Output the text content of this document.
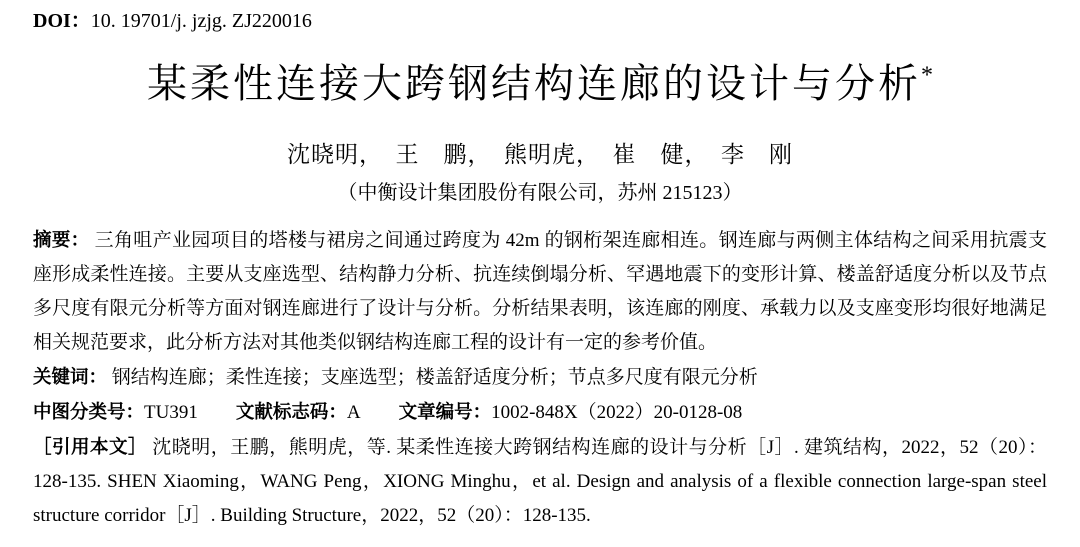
DOI：10. 19701/j. jzjg. ZJ220016
某柔性连接大跨钢结构连廊的设计与分析*
沈晓明，　王　鹏，　熊明虎，　崔　健，　李　刚
（中衡设计集团股份有限公司，苏州 215123）

摘要： 三角咀产业园项目的塔楼与裙房之间通过跨度为 42m 的钢桁架连廊相连。钢连廊与两侧主体结构之间采用抗震支座形成柔性连接。主要从支座选型、结构静力分析、抗连续倒塌分析、罕遇地震下的变形计算、楼盖舒适度分析以及节点多尺度有限元分析等方面对钢连廊进行了设计与分析。分析结果表明，该连廊的刚度、承载力以及支座变形均很好地满足相关规范要求，此分析方法对其他类似钢结构连廊工程的设计有一定的参考价值。

关键词： 钢结构连廊；柔性连接；支座选型；楼盖舒适度分析；节点多尺度有限元分析

中图分类号：TU391 文献标志码：A 文章编号：1002-848X（2022）20-0128-08

［引用本文］ 沈晓明，王鹏，熊明虎，等. 某柔性连接大跨钢结构连廊的设计与分析［J］. 建筑结构，2022，52（20）：128-135. SHEN Xiaoming，WANG Peng，XIONG Minghu，et al. Design and analysis of a flexible connection large-span steel structure corridor［J］. Building Structure，2022，52（20）：128-135.
